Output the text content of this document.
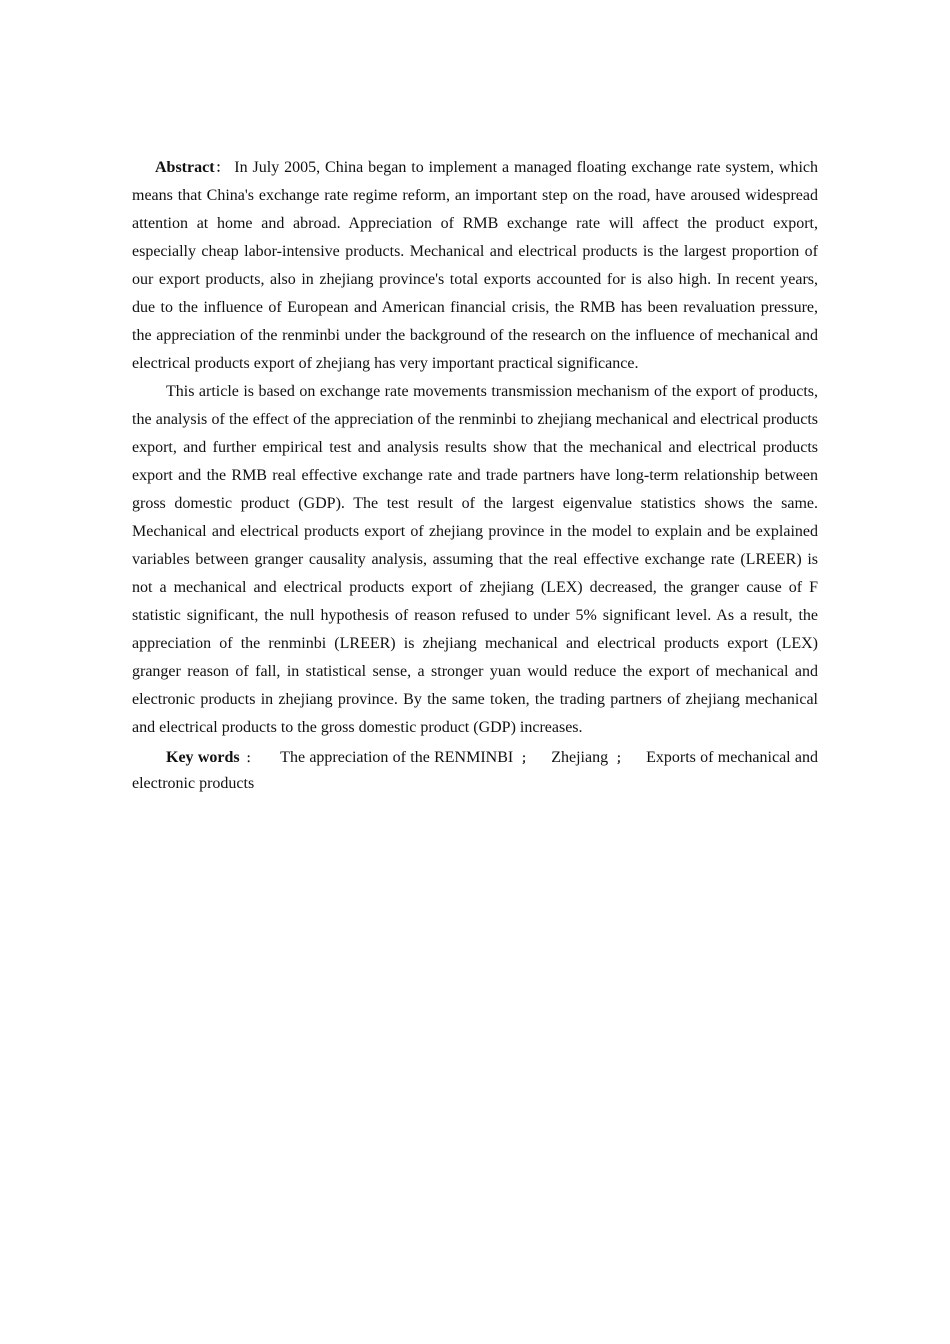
Abstract： In July 2005, China began to implement a managed floating exchange rate system, which means that China's exchange rate regime reform, an important step on the road, have aroused widespread attention at home and abroad. Appreciation of RMB exchange rate will affect the product export, especially cheap labor-intensive products. Mechanical and electrical products is the largest proportion of our export products, also in zhejiang province's total exports accounted for is also high. In recent years, due to the influence of European and American financial crisis, the RMB has been revaluation pressure, the appreciation of the renminbi under the background of the research on the influence of mechanical and electrical products export of zhejiang has very important practical significance.

This article is based on exchange rate movements transmission mechanism of the export of products, the analysis of the effect of the appreciation of the renminbi to zhejiang mechanical and electrical products export, and further empirical test and analysis results show that the mechanical and electrical products export and the RMB real effective exchange rate and trade partners have long-term relationship between gross domestic product (GDP). The test result of the largest eigenvalue statistics shows the same. Mechanical and electrical products export of zhejiang province in the model to explain and be explained variables between granger causality analysis, assuming that the real effective exchange rate (LREER) is not a mechanical and electrical products export of zhejiang (LEX) decreased, the granger cause of F statistic significant, the null hypothesis of reason refused to under 5% significant level. As a result, the appreciation of the renminbi (LREER) is zhejiang mechanical and electrical products export (LEX) granger reason of fall, in statistical sense, a stronger yuan would reduce the export of mechanical and electronic products in zhejiang province. By the same token, the trading partners of zhejiang mechanical and electrical products to the gross domestic product (GDP) increases.

Key words ： The appreciation of the RENMINBI ； Zhejiang ； Exports of mechanical and electronic products
